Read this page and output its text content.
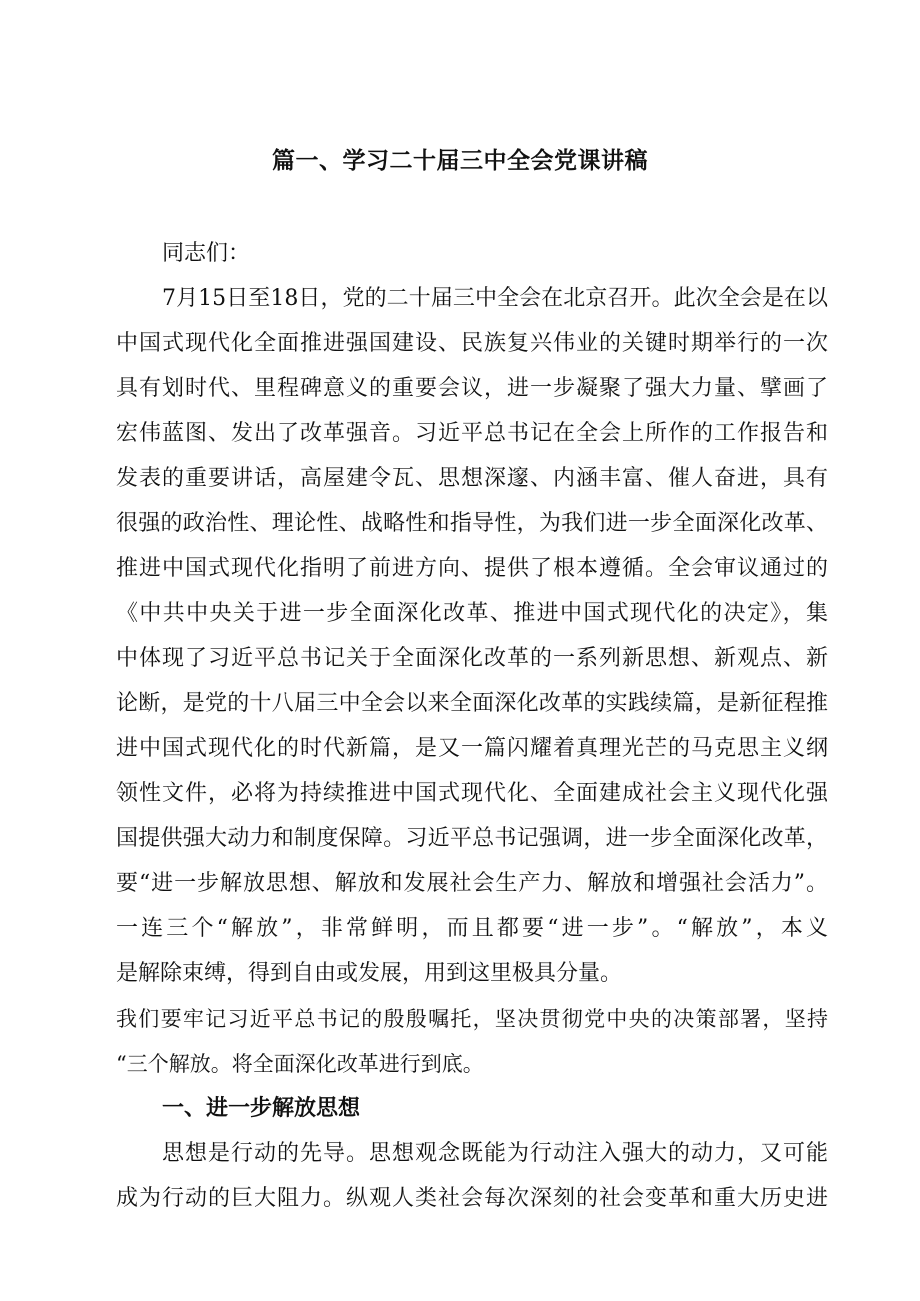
篇一、学习二十届三中全会党课讲稿
同志们：
7月15日至18日，党的二十届三中全会在北京召开。此次全会是在以
中国式现代化全面推进强国建设、民族复兴伟业的关键时期举行的一次
具有划时代、里程碑意义的重要会议，进一步凝聚了强大力量、擘画了
宏伟蓝图、发出了改革强音。习近平总书记在全会上所作的工作报告和
发表的重要讲话，高屋建令瓦、思想深邃、内涵丰富、催人奋进，具有
很强的政治性、理论性、战略性和指导性，为我们进一步全面深化改革、
推进中国式现代化指明了前进方向、提供了根本遵循。全会审议通过的
《中共中央关于进一步全面深化改革、推进中国式现代化的决定》，集
中体现了习近平总书记关于全面深化改革的一系列新思想、新观点、新
论断，是党的十八届三中全会以来全面深化改革的实践续篇，是新征程推
进中国式现代化的时代新篇，是又一篇闪耀着真理光芒的马克思主义纲
领性文件，必将为持续推进中国式现代化、全面建成社会主义现代化强
国提供强大动力和制度保障。习近平总书记强调，进一步全面深化改革，
要“进一步解放思想、解放和发展社会生产力、解放和增强社会活力”。
一连三个“解放”，非常鲜明，而且都要“进一步”。“解放”，本义
是解除束缚，得到自由或发展，用到这里极具分量。
我们要牢记习近平总书记的殷殷嘱托，坚决贯彻党中央的决策部署，坚持
“三个解放。将全面深化改革进行到底。
一、进一步解放思想
思想是行动的先导。思想观念既能为行动注入强大的动力，又可能
成为行动的巨大阻力。纵观人类社会每次深刻的社会变革和重大历史进
